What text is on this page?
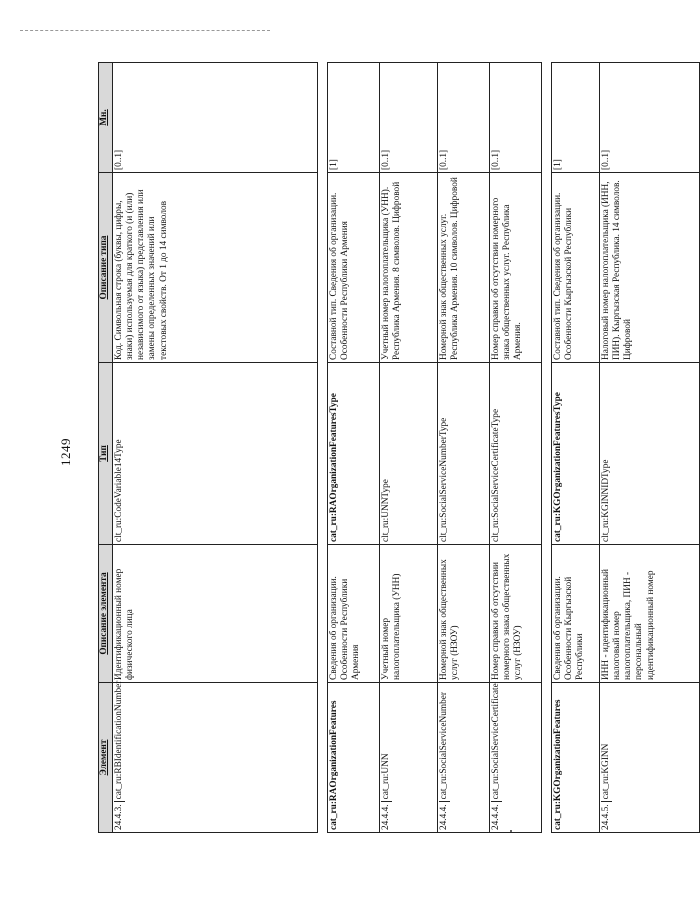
1249
Элемент	Описание элемента	Тип	Описание типа	Мн.

24.4.3.
cat_ru:RBIdentificationNumber	Идентификационный номер физического лица	clt_ru:CodeVariable14Type	Код. Символьная строка (буквы, цифры, знаки) используемая для краткого (и (или) независимого от языка) представления или замены определенных значений или текстовых свойств. От 1 до 14 символов	[0..1]

cat_ru:RAOrganizationFeatures	Сведения об организации. Особенности Республики Армения	cat_ru:RAOrganizationFeaturesType	Составной тип. Сведения об организации. Особенности Республики Армения	[1]

24.4.4.
cat_ru:UNN	Учетный номер налогоплательщика (УНН)	clt_ru:UNNType	Учетный номер налогоплательщика (УНН). Республика Армения. 8 символов. Цифровой	[0..1]

24.4.4.
cat_ru:SocialServiceNumber	Номерной знак общественных услуг (НЗОУ)	clt_ru:SocialServiceNumberType	Номерной знак общественных услуг. Республика Армения. 10 символов. Цифровой	[0..1]

24.4.4.
cat_ru:SocialServiceCertificate	Номер справки об отсутствии номерного знака общественных услуг (НЗОУ)	clt_ru:SocialServiceCertificateType	Номер справки об отсутствии номерного знака общественных услуг. Республика Армения.	[0..1]

cat_ru:KGOrganizationFeatures	Сведения об организации. Особенности Кыргызской Республики	cat_ru:KGOrganizationFeaturesType	Составной тип. Сведения об организации. Особенности Кыргызской Республики	[1]

24.4.5.
cat_ru:KGINN	ИНН - идентификационный налоговый номер налогоплательщика, ПИН - персональный идентификационный номер	clt_ru:KGINNIDType	Налоговый номер налогоплательщика (ИНН, ПИН). Кыргызская Республика. 14 символов. Цифровой	[0..1]
